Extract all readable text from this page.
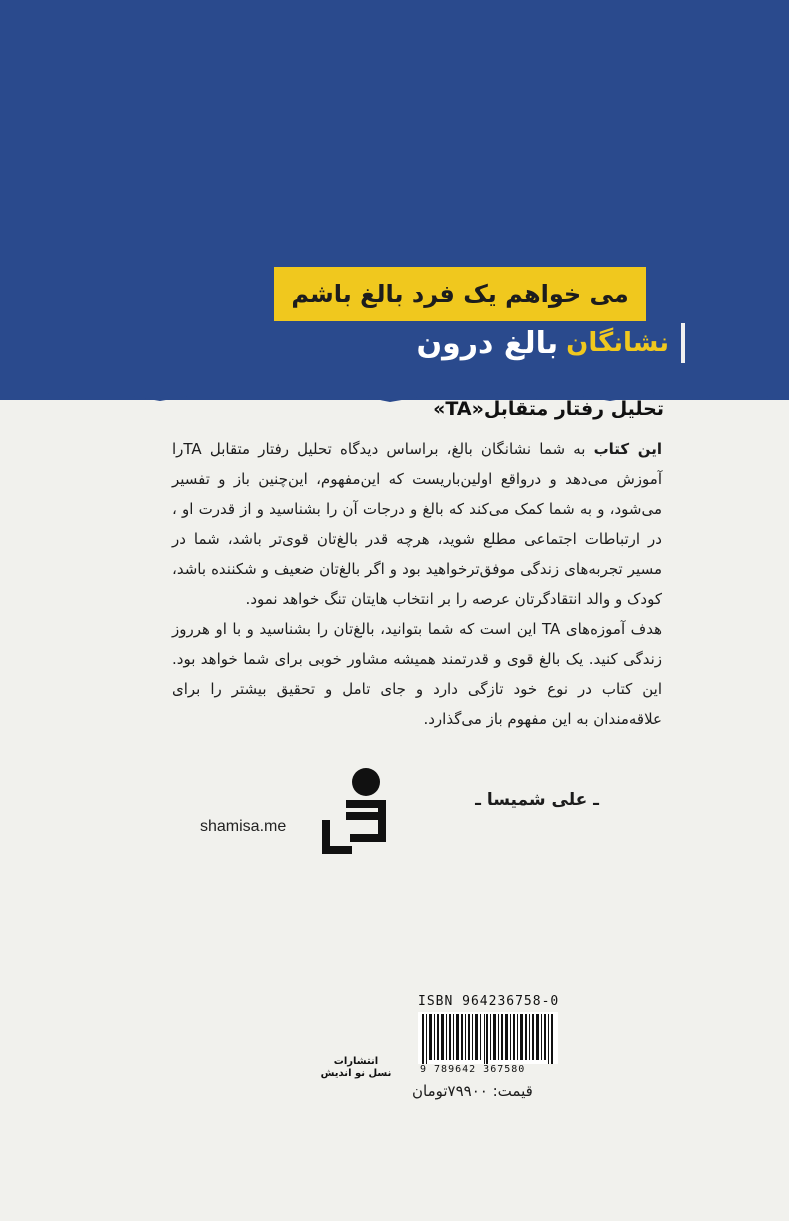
می خواهم یک فرد بالغ باشم
نشانگان
بالغ درون
تحلیل رفتار متقابل«TA»

این کتاب به شما نشانگان بالغ، براساس دیدگاه تحلیل رفتار متقابل TAرا آموزش می‌دهد و درواقع اولین‌باریست که این‌مفهوم، این‌چنین باز و تفسیر می‌شود، و به شما کمک می‌کند که بالغ و درجات آن را بشناسید و از قدرت او ، در ارتباطات اجتماعی مطلع شوید، هرچه قدر بالغ‌تان قوی‌تر باشد، شما در مسیر تجربه‌های زندگی موفق‌ترخواهید بود و اگر بالغ‌تان ضعیف و شکننده باشد، کودک و والد انتقادگرتان عرصه را بر انتخاب هایتان تنگ خواهد نمود.

هدف آموزه‌های TA این است که شما بتوانید، بالغ‌تان را بشناسید و با او هرروز زندگی کنید. یک بالغ قوی و قدرتمند همیشه مشاور خوبی برای شما خواهد بود. این کتاب در نوع خود تازگی دارد و جای تامل و تحقیق بیشتر را برای علاقه‌مندان به این مفهوم باز می‌گذارد.

ـ علی شمیسا ـ
shamisa.me
انتشارات
نسل نو اندیش
ISBN 964236758-0
9 789642 367580
قیمت: ۷۹۹۰۰تومان
